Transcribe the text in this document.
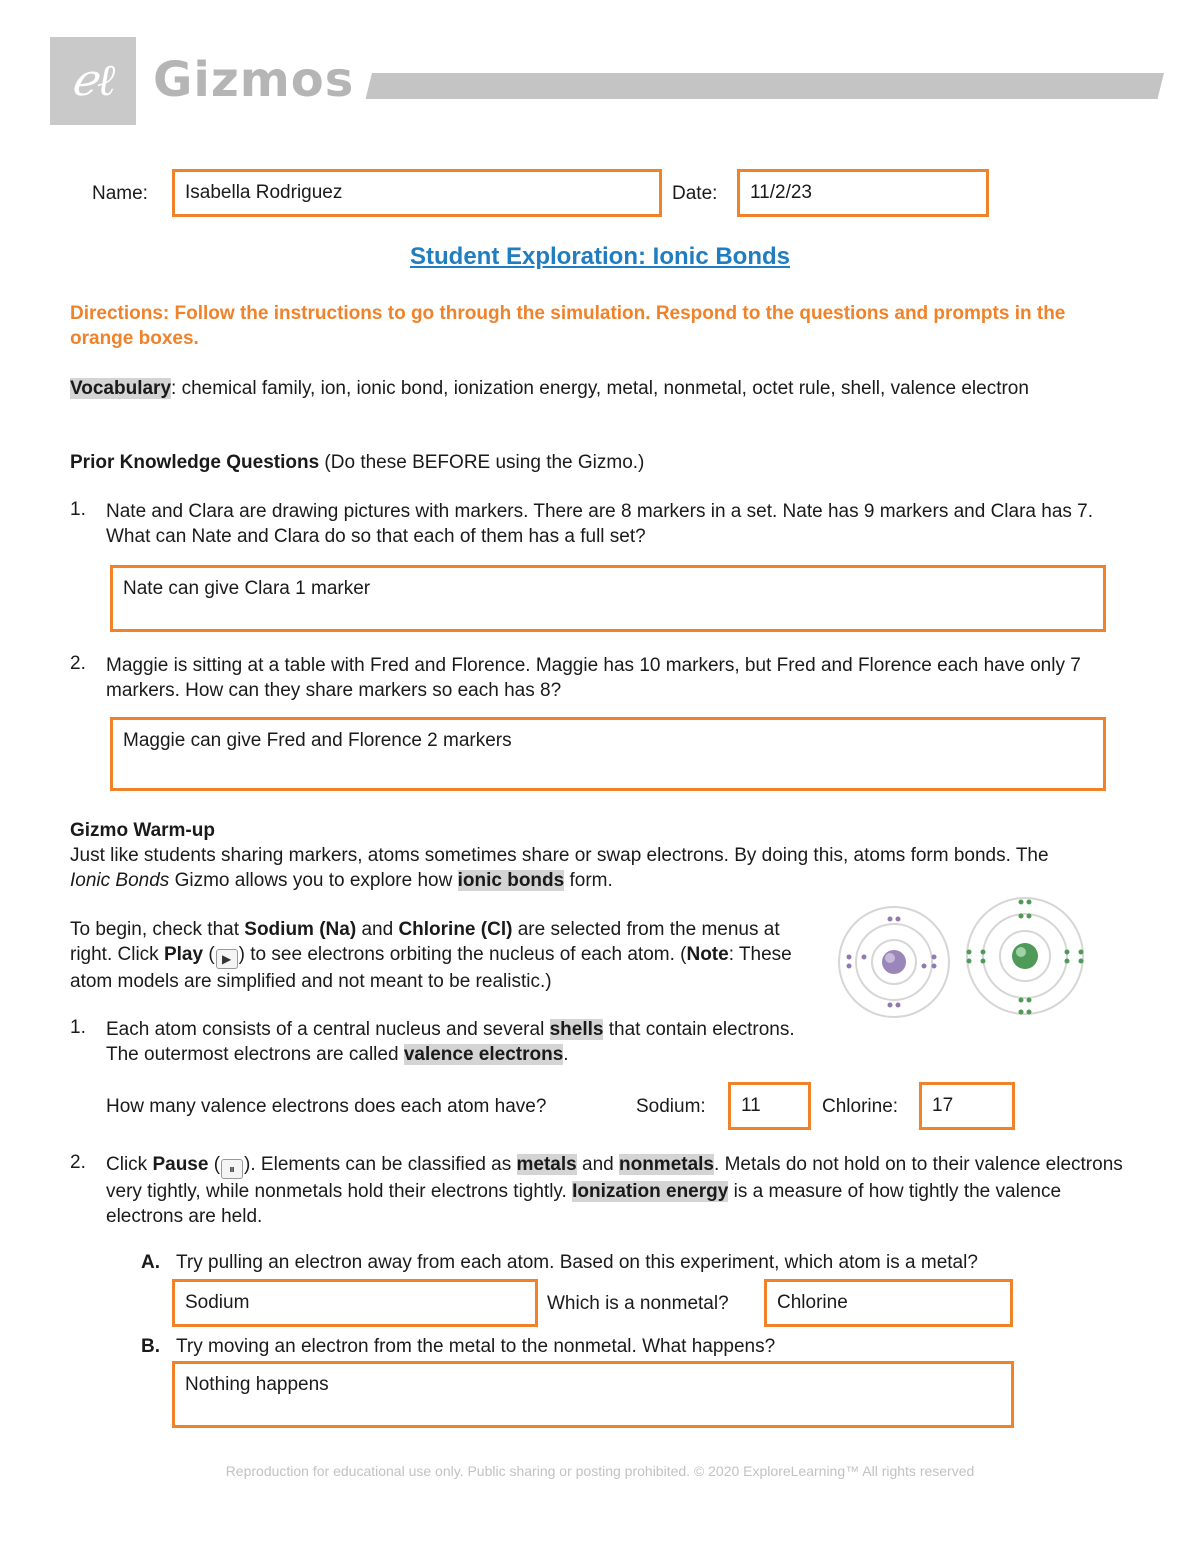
ℯℓ Gizmos
Name:	Isabella Rodriguez	Date:	11/2/23
Student Exploration: Ionic Bonds
Directions: Follow the instructions to go through the simulation. Respond to the questions and prompts in the orange boxes.
Vocabulary: chemical family, ion, ionic bond, ionization energy, metal, nonmetal, octet rule, shell, valence electron
Prior Knowledge Questions (Do these BEFORE using the Gizmo.)
1. Nate and Clara are drawing pictures with markers. There are 8 markers in a set. Nate has 9 markers and Clara has 7. What can Nate and Clara do so that each of them has a full set?
Nate can give Clara 1 marker
2. Maggie is sitting at a table with Fred and Florence. Maggie has 10 markers, but Fred and Florence each have only 7 markers. How can they share markers so each has 8?
Maggie can give Fred and Florence 2 markers
Gizmo Warm-up
Just like students sharing markers, atoms sometimes share or swap electrons. By doing this, atoms form bonds. The Ionic Bonds Gizmo allows you to explore how ionic bonds form.
To begin, check that Sodium (Na) and Chlorine (Cl) are selected from the menus at right. Click Play ( ▶ ) to see electrons orbiting the nucleus of each atom. (Note: These atom models are simplified and not meant to be realistic.)
1. Each atom consists of a central nucleus and several shells that contain electrons. The outermost electrons are called valence electrons.
How many valence electrons does each atom have?	Sodium:	11	Chlorine:	17
2. Click Pause ( ⏸ ). Elements can be classified as metals and nonmetals. Metals do not hold on to their valence electrons very tightly, while nonmetals hold their electrons tightly. Ionization energy is a measure of how tightly the valence electrons are held.
A. Try pulling an electron away from each atom. Based on this experiment, which atom is a metal?
Sodium	Which is a nonmetal?	Chlorine
B. Try moving an electron from the metal to the nonmetal. What happens?
Nothing happens
Reproduction for educational use only. Public sharing or posting prohibited. © 2020 ExploreLearning™ All rights reserved
